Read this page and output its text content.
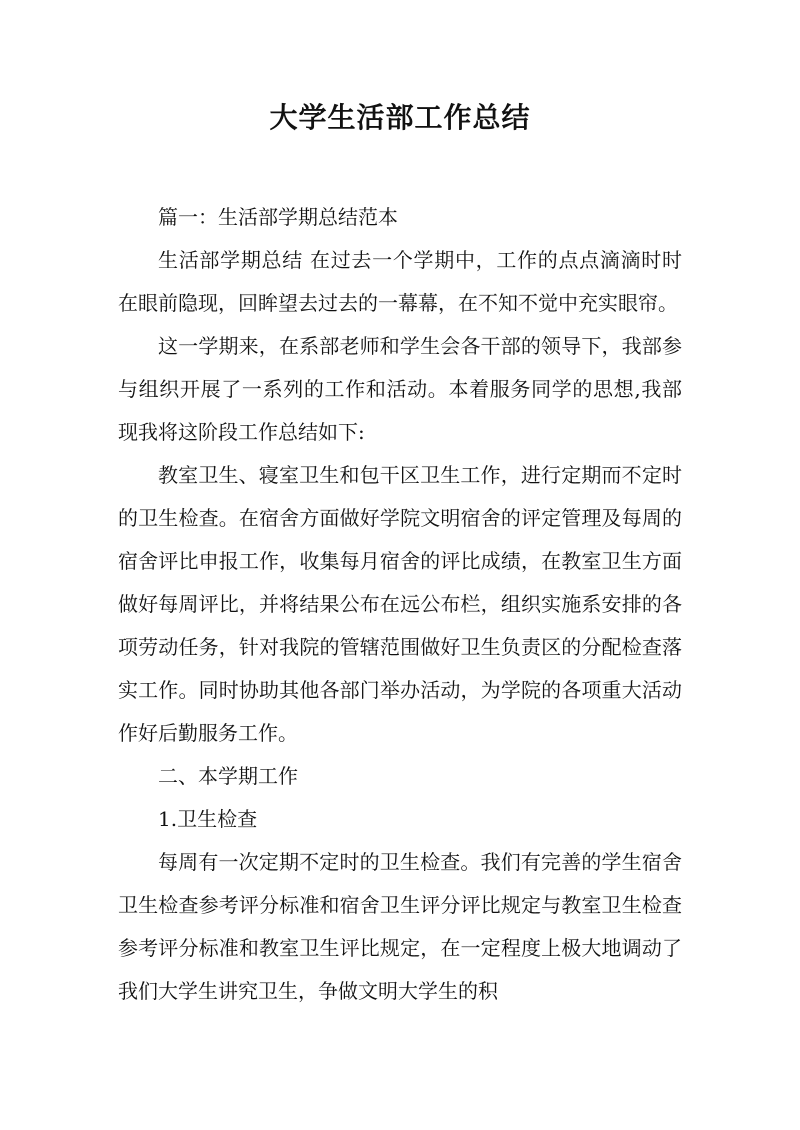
大学生活部工作总结

篇一：生活部学期总结范本

生活部学期总结 在过去一个学期中，工作的点点滴滴时时在眼前隐现，回眸望去过去的一幕幕，在不知不觉中充实眼帘。

这一学期来，在系部老师和学生会各干部的领导下，我部参与组织开展了一系列的工作和活动。本着服务同学的思想,我部现我将这阶段工作总结如下:

教室卫生、寝室卫生和包干区卫生工作，进行定期而不定时的卫生检查。在宿舍方面做好学院文明宿舍的评定管理及每周的宿舍评比申报工作，收集每月宿舍的评比成绩，在教室卫生方面做好每周评比，并将结果公布在远公布栏，组织实施系安排的各项劳动任务，针对我院的管辖范围做好卫生负责区的分配检查落实工作。同时协助其他各部门举办活动，为学院的各项重大活动作好后勤服务工作。

二、本学期工作

1.卫生检查

每周有一次定期不定时的卫生检查。我们有完善的学生宿舍卫生检查参考评分标准和宿舍卫生评分评比规定与教室卫生检查参考评分标准和教室卫生评比规定，在一定程度上极大地调动了我们大学生讲究卫生，争做文明大学生的积
